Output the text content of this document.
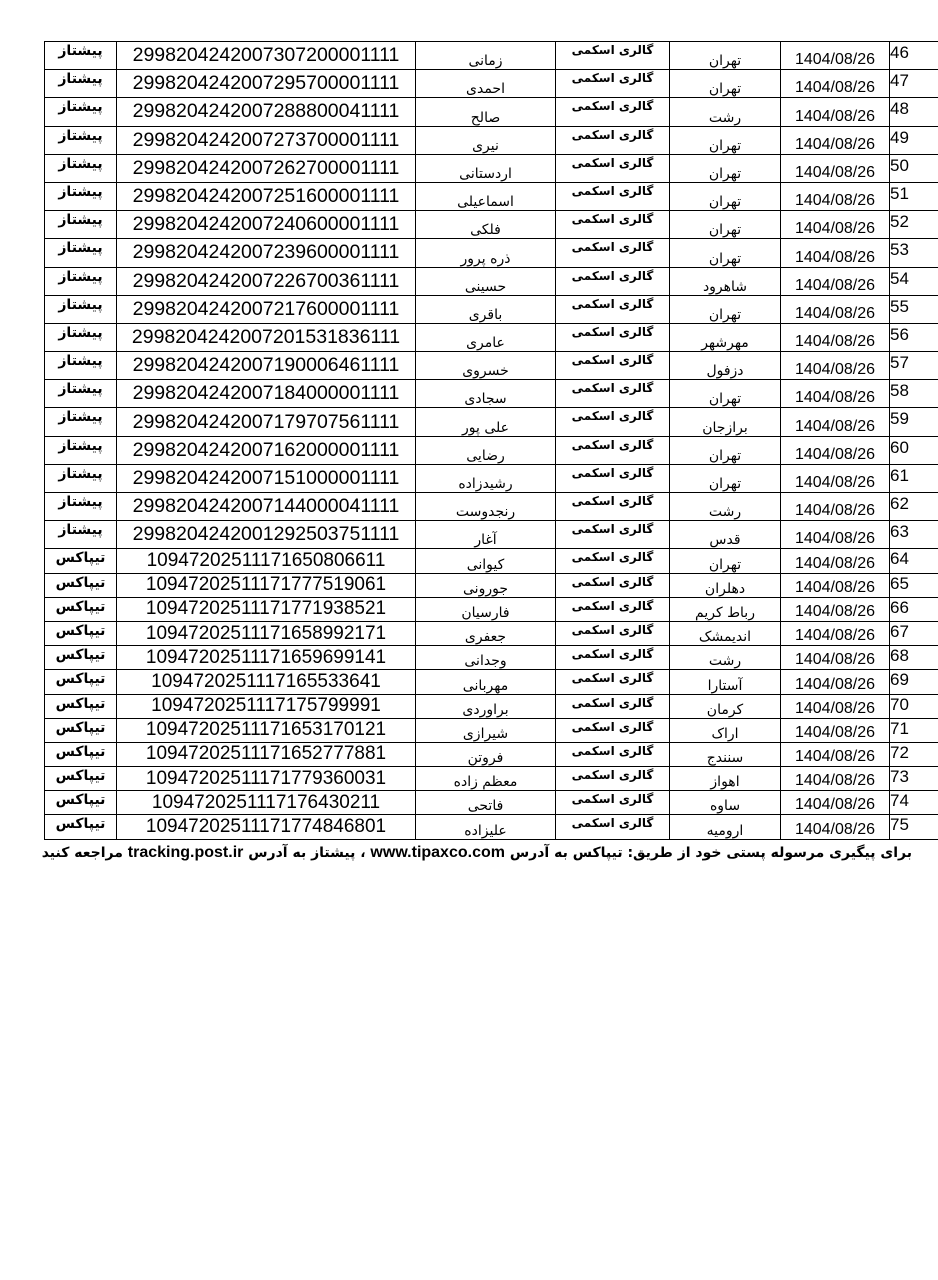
پیشتاز	2998204242007307200001111	زمانی	گالری اسکمی	تهران	1404/08/26	46
پیشتاز	2998204242007295700001111	احمدی	گالری اسکمی	تهران	1404/08/26	47
پیشتاز	2998204242007288800041111	صالح	گالری اسکمی	رشت	1404/08/26	48
پیشتاز	2998204242007273700001111	نیری	گالری اسکمی	تهران	1404/08/26	49
پیشتاز	2998204242007262700001111	اردستانی	گالری اسکمی	تهران	1404/08/26	50
پیشتاز	2998204242007251600001111	اسماعیلی	گالری اسکمی	تهران	1404/08/26	51
پیشتاز	2998204242007240600001111	فلکی	گالری اسکمی	تهران	1404/08/26	52
پیشتاز	2998204242007239600001111	ذره پرور	گالری اسکمی	تهران	1404/08/26	53
پیشتاز	2998204242007226700361111	حسینی	گالری اسکمی	شاهرود	1404/08/26	54
پیشتاز	2998204242007217600001111	باقری	گالری اسکمی	تهران	1404/08/26	55
پیشتاز	2998204242007201531836111	عامری	گالری اسکمی	مهرشهر	1404/08/26	56
پیشتاز	2998204242007190006461111	خسروی	گالری اسکمی	دزفول	1404/08/26	57
پیشتاز	2998204242007184000001111	سجادی	گالری اسکمی	تهران	1404/08/26	58
پیشتاز	2998204242007179707561111	علی پور	گالری اسکمی	برازجان	1404/08/26	59
پیشتاز	2998204242007162000001111	رضایی	گالری اسکمی	تهران	1404/08/26	60
پیشتاز	2998204242007151000001111	رشیدزاده	گالری اسکمی	تهران	1404/08/26	61
پیشتاز	2998204242007144000041111	رنجدوست	گالری اسکمی	رشت	1404/08/26	62
پیشتاز	2998204242001292503751111	آغار	گالری اسکمی	قدس	1404/08/26	63
تیپاکس	10947202511171650806611	کیوانی	گالری اسکمی	تهران	1404/08/26	64
تیپاکس	10947202511171777519061	جورونی	گالری اسکمی	دهلران	1404/08/26	65
تیپاکس	10947202511171771938521	فارسیان	گالری اسکمی	رباط کریم	1404/08/26	66
تیپاکس	10947202511171658992171	جعفری	گالری اسکمی	اندیمشک	1404/08/26	67
تیپاکس	10947202511171659699141	وجدانی	گالری اسکمی	رشت	1404/08/26	68
تیپاکس	1094720251117165533641	مهربانی	گالری اسکمی	آستارا	1404/08/26	69
تیپاکس	1094720251117175799991	براوردی	گالری اسکمی	کرمان	1404/08/26	70
تیپاکس	10947202511171653170121	شیرازی	گالری اسکمی	اراک	1404/08/26	71
تیپاکس	10947202511171652777881	فروتن	گالری اسکمی	سنندج	1404/08/26	72
تیپاکس	10947202511171779360031	معظم زاده	گالری اسکمی	اهواز	1404/08/26	73
تیپاکس	1094720251117176430211	فاتحی	گالری اسکمی	ساوه	1404/08/26	74
تیپاکس	10947202511171774846801	علیزاده	گالری اسکمی	ارومیه	1404/08/26	75
برای پیگیری مرسوله پستی خود از طریق: تیپاکس به آدرس www.tipaxco.com ، پیشتاز به آدرس tracking.post.ir مراجعه کنید
